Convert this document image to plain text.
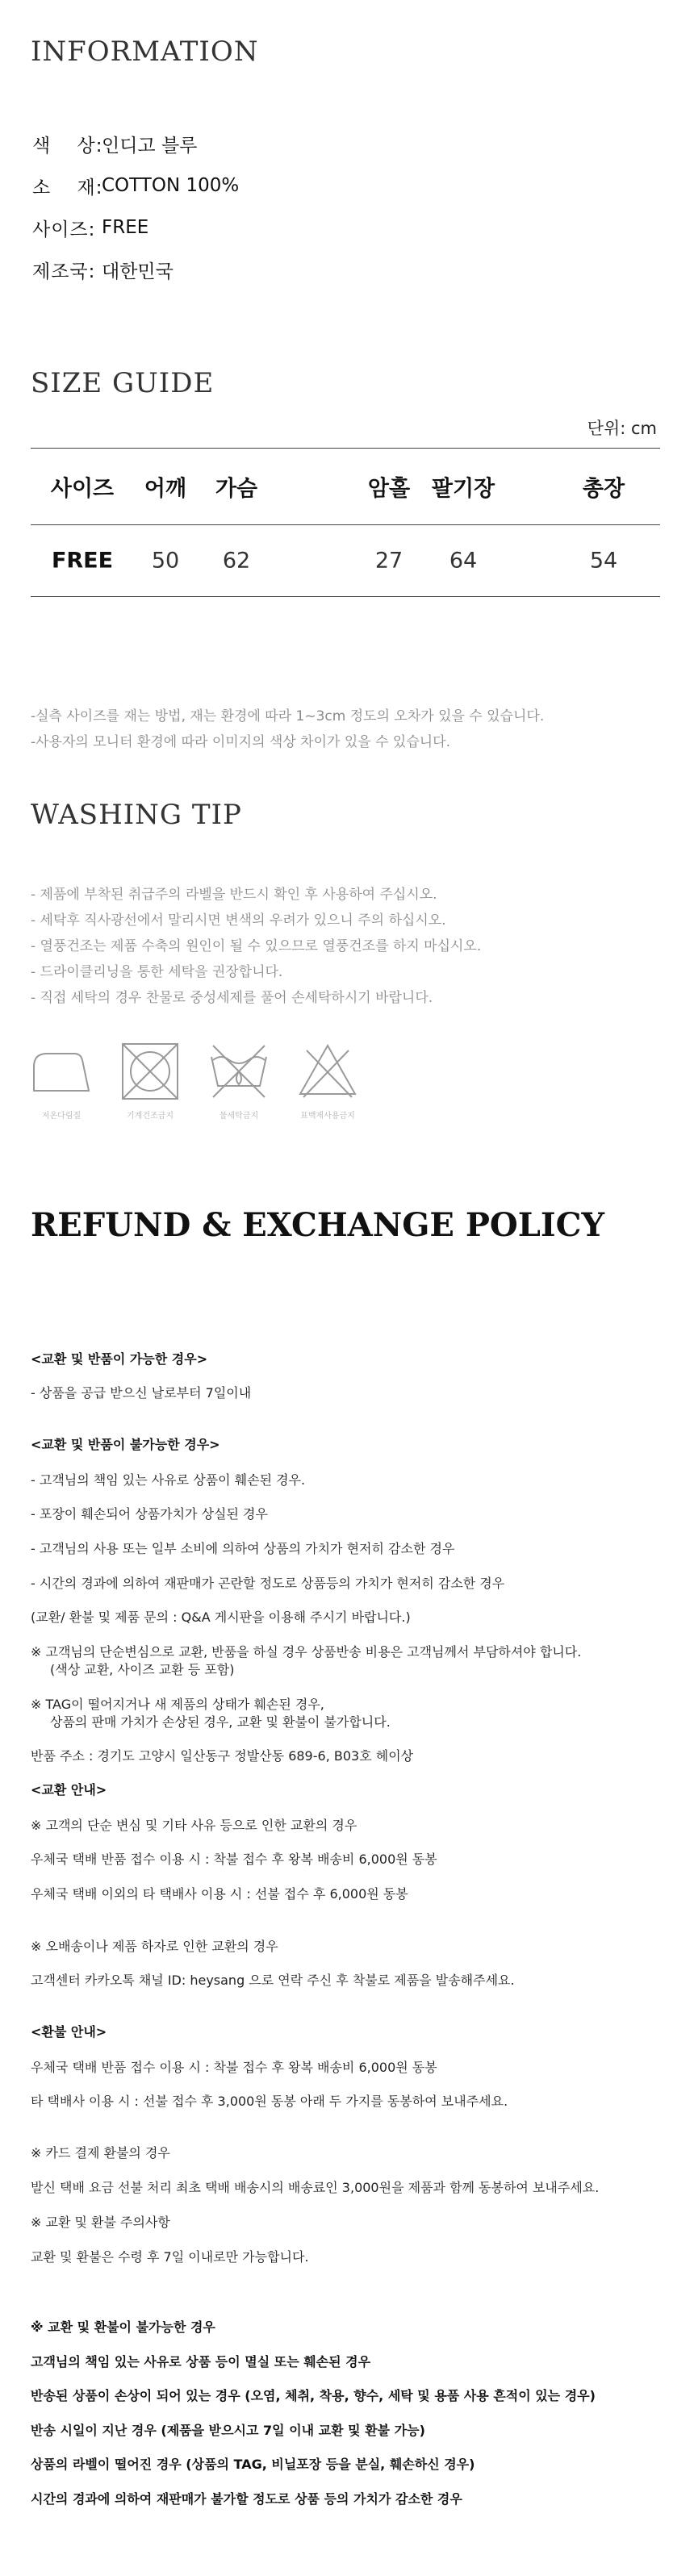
INFORMATION
색　 상:
인디고 블루
소　 재:
COTTON 100%
사이즈: FREE
제조국: 대한민국
SIZE GUIDE
단위: cm
사이즈 어깨 가슴	암홀 팔기장	총장
FREE 50 62	27 64	54
-실측 사이즈를 재는 방법, 재는 환경에 따라 1~3cm 정도의 오차가 있을 수 있습니다.
-사용자의 모니터 환경에 따라 이미지의 색상 차이가 있을 수 있습니다.
WASHING TIP
- 제품에 부착된 취급주의 라벨을 반드시 확인 후 사용하여 주십시오.
- 세탁후 직사광선에서 말리시면 변색의 우려가 있으니 주의 하십시오.
- 열풍건조는 제품 수축의 원인이 될 수 있으므로 열풍건조를 하지 마십시오.
- 드라이클리닝을 통한 세탁을 권장합니다.
- 직접 세탁의 경우 찬물로 중성세제를 풀어 손세탁하시기 바랍니다.
저온다림질	기계건조금지	물세탁금지	표백제사용금지
REFUND & EXCHANGE POLICY
<교환 및 반품이 가능한 경우>
- 상품을 공급 받으신 날로부터 7일이내
<교환 및 반품이 불가능한 경우>
- 고객님의 책임 있는 사유로 상품이 훼손된 경우.
- 포장이 훼손되어 상품가치가 상실된 경우
- 고객님의 사용 또는 일부 소비에 의하여 상품의 가치가 현저히 감소한 경우
- 시간의 경과에 의하여 재판매가 곤란할 정도로 상품등의 가치가 현저히 감소한 경우
(교환/ 환불 및 제품 문의 : Q&A 게시판을 이용해 주시기 바랍니다.)
※ 고객님의 단순변심으로 교환, 반품을 하실 경우 상품반송 비용은 고객님께서 부담하셔야 합니다.
(색상 교환, 사이즈 교환 등 포함)
※ TAG이 떨어지거나 새 제품의 상태가 훼손된 경우,
상품의 판매 가치가 손상된 경우, 교환 및 환불이 불가합니다.
반품 주소 : 경기도 고양시 일산동구 정발산동 689-6, B03호 헤이상
<교환 안내>
※ 고객의 단순 변심 및 기타 사유 등으로 인한 교환의 경우
우체국 택배 반품 접수 이용 시 : 착불 접수 후 왕복 배송비 6,000원 동봉
우체국 택배 이외의 타 택배사 이용 시 : 선불 접수 후 6,000원 동봉
※ 오배송이나 제품 하자로 인한 교환의 경우
고객센터 카카오톡 채널 ID: heysang 으로 연락 주신 후 착불로 제품을 발송해주세요.
<환불 안내>
우체국 택배 반품 접수 이용 시 : 착불 접수 후 왕복 배송비 6,000원 동봉
타 택배사 이용 시 : 선불 접수 후 3,000원 동봉 아래 두 가지를 동봉하여 보내주세요.
※ 카드 결제 환불의 경우
발신 택배 요금 선불 처리 최초 택배 배송시의 배송료인 3,000원을 제품과 함께 동봉하여 보내주세요.
※ 교환 및 환불 주의사항
교환 및 환불은 수령 후 7일 이내로만 가능합니다.
※ 교환 및 환불이 불가능한 경우
고객님의 책임 있는 사유로 상품 등이 멸실 또는 훼손된 경우
반송된 상품이 손상이 되어 있는 경우 (오염, 체취, 착용, 향수, 세탁 및 용품 사용 흔적이 있는 경우)
반송 시일이 지난 경우 (제품을 받으시고 7일 이내 교환 및 환불 가능)
상품의 라벨이 떨어진 경우 (상품의 TAG, 비닐포장 등을 분실, 훼손하신 경우)
시간의 경과에 의하여 재판매가 불가할 정도로 상품 등의 가치가 감소한 경우
